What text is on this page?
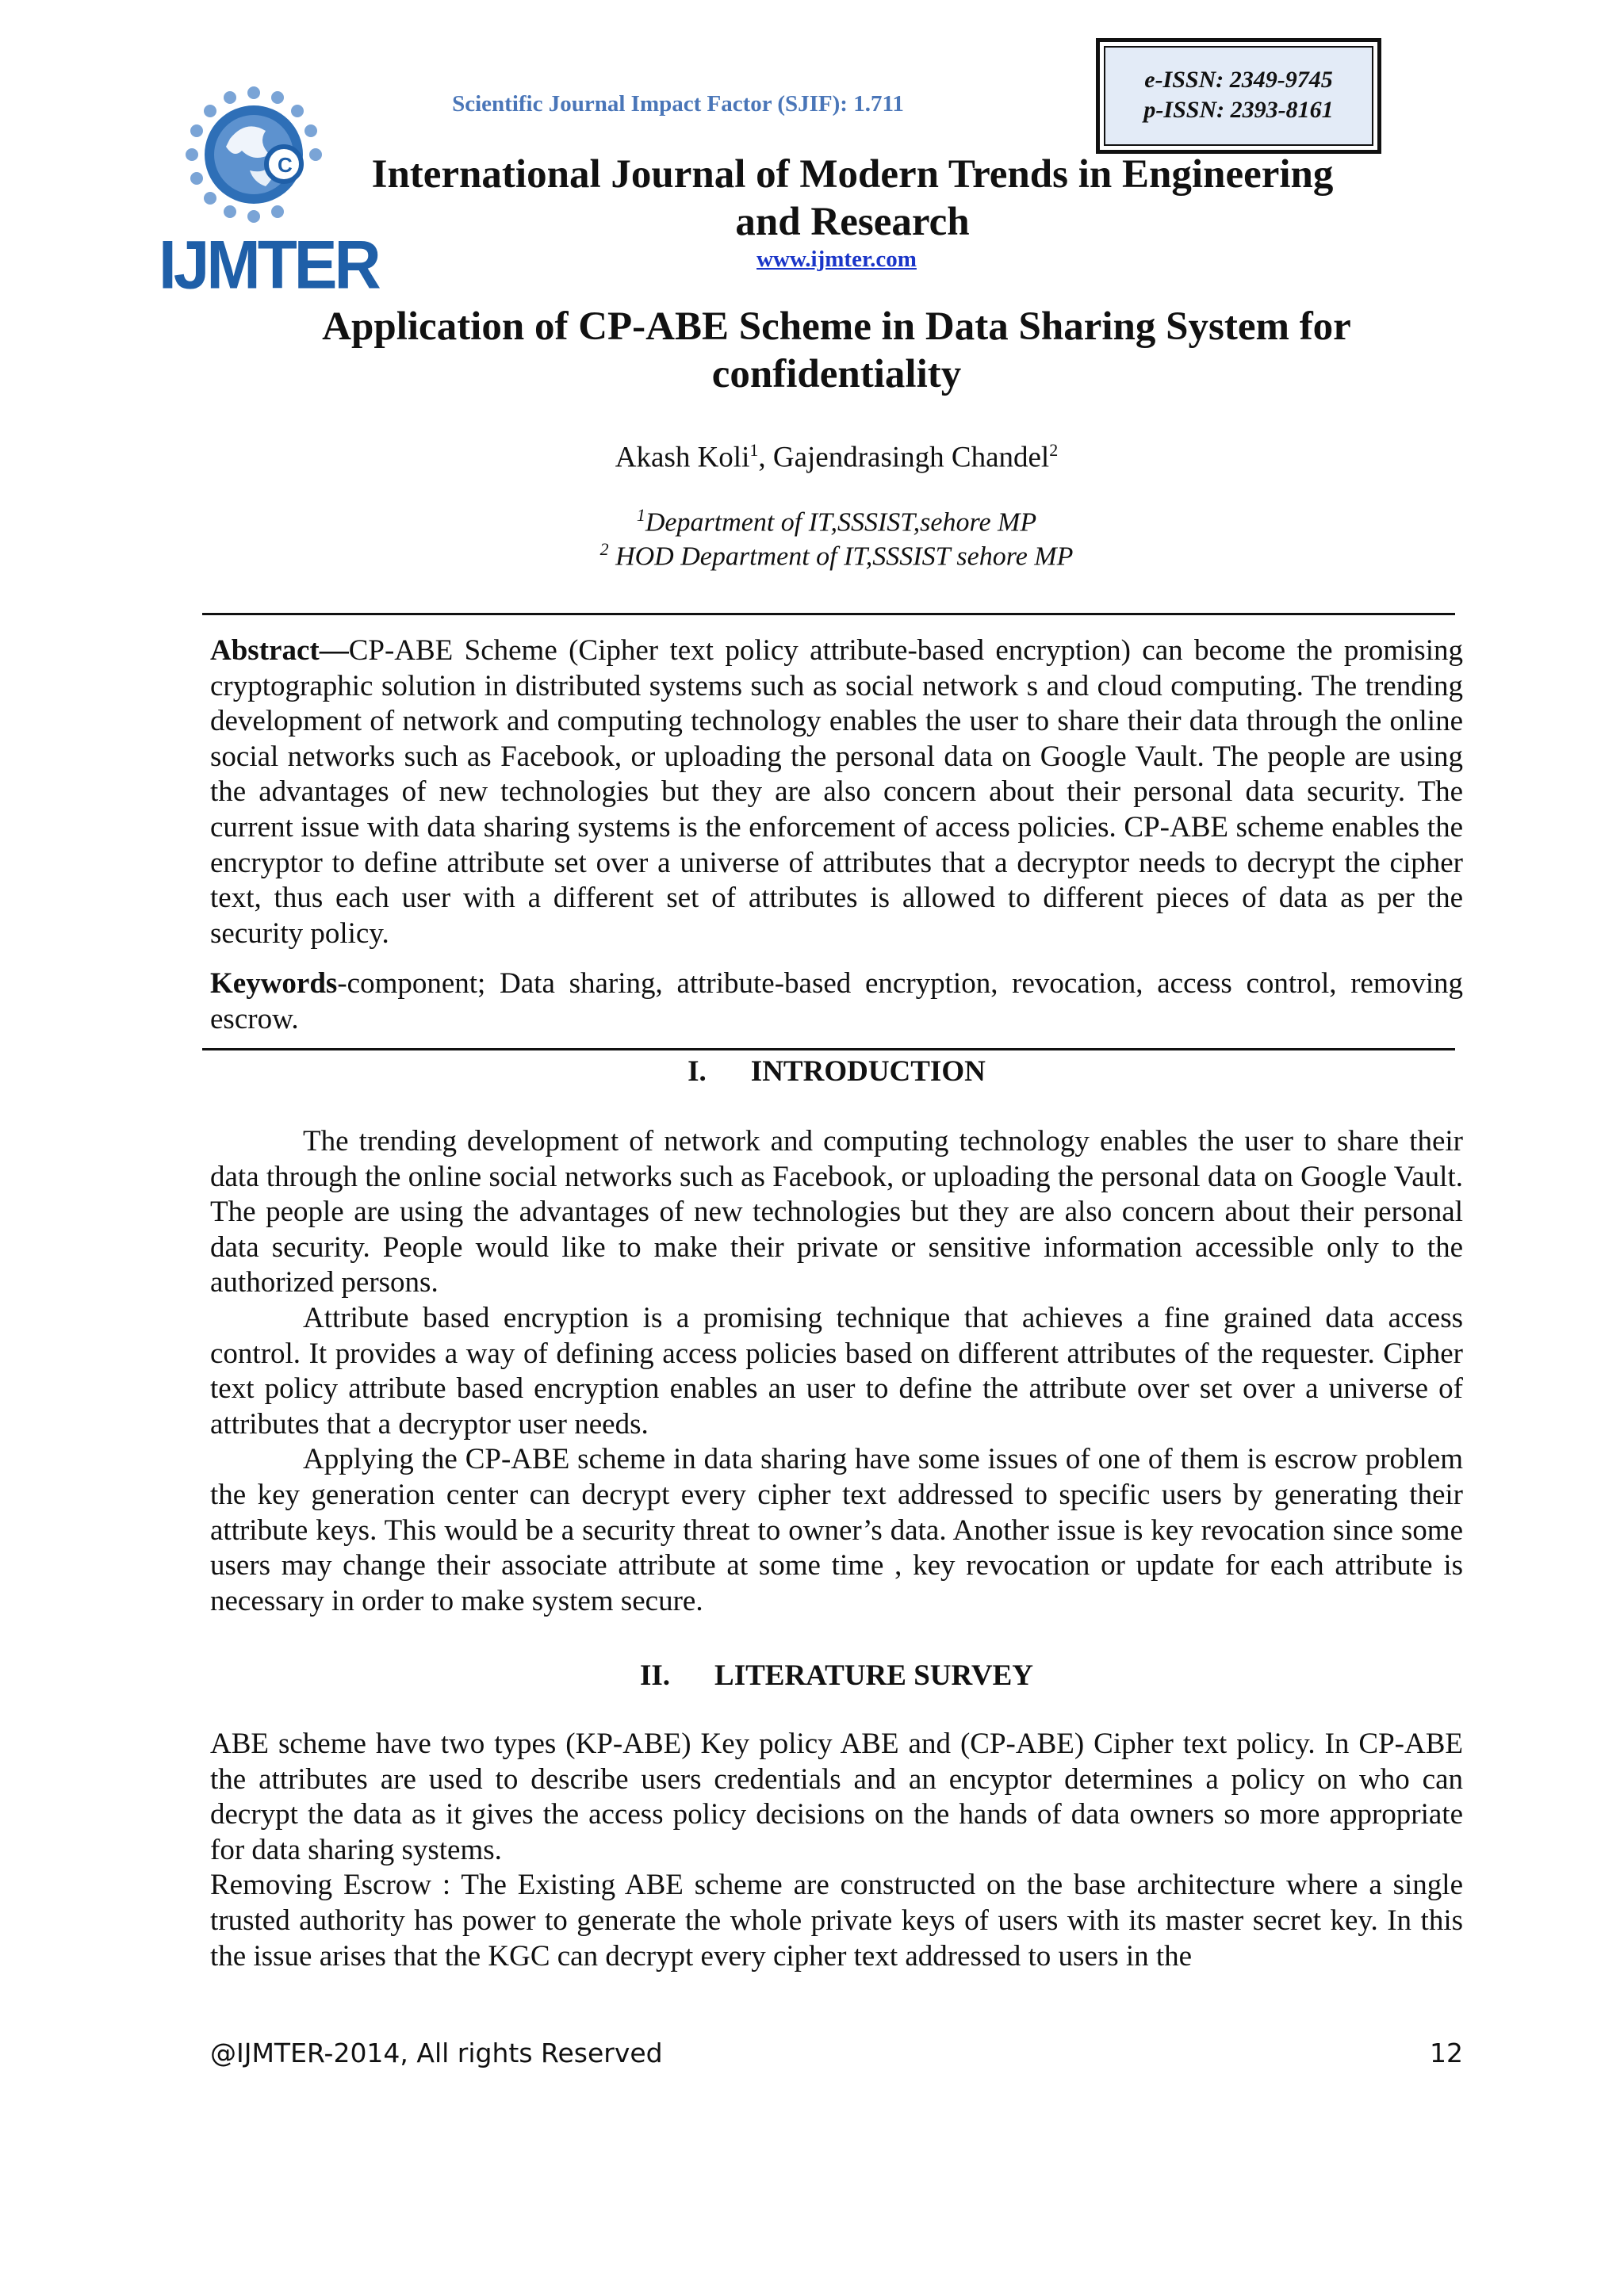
C
IJMTER
Scientific Journal Impact Factor (SJIF): 1.711
e-ISSN: 2349-9745
p-ISSN: 2393-8161
International Journal of Modern Trends in Engineering and Research
www.ijmter.com
Application of CP-ABE Scheme in Data Sharing System for confidentiality
Akash Koli$^1$, Gajendrasingh Chandel$^2$
$^1$Department of IT,SSSIST,sehore MP
$^2$ HOD Department of IT,SSSIST sehore MP
Abstract—CP-ABE Scheme (Cipher text policy attribute-based encryption) can become the promising cryptographic solution in distributed systems such as social network s and cloud computing. The trending development of network and computing technology enables the user to share their data through the online social networks such as Facebook, or uploading the personal data on Google Vault. The people are using the advantages of new technologies but they are also concern about their personal data security. The current issue with data sharing systems is the enforcement of access policies. CP-ABE scheme enables the encryptor to define attribute set over a universe of attributes that a decryptor needs to decrypt the cipher text, thus each user with a different set of attributes is allowed to different pieces of data as per the security policy.
Keywords-component; Data sharing, attribute-based encryption, revocation, access control, removing escrow.
I. INTRODUCTION

The trending development of network and computing technology enables the user to share their data through the online social networks such as Facebook, or uploading the personal data on Google Vault. The people are using the advantages of new technologies but they are also concern about their personal data security. People would like to make their private or sensitive information accessible only to the authorized persons.

Attribute based encryption is a promising technique that achieves a fine grained data access control. It provides a way of defining access policies based on different attributes of the requester. Cipher text policy attribute based encryption enables an user to define the attribute over set over a universe of attributes that a decryptor user needs.

Applying the CP-ABE scheme in data sharing have some issues of one of them is escrow problem the key generation center can decrypt every cipher text addressed to specific users by generating their attribute keys. This would be a security threat to owner’s data. Another issue is key revocation since some users may change their associate attribute at some time , key revocation or update for each attribute is necessary in order to make system secure.

II. LITERATURE SURVEY

ABE scheme have two types (KP-ABE) Key policy ABE and (CP-ABE) Cipher text policy. In CP-ABE the attributes are used to describe users credentials and an encyptor determines a policy on who can decrypt the data as it gives the access policy decisions on the hands of data owners so more appropriate for data sharing systems.

Removing Escrow : The Existing ABE scheme are constructed on the base architecture where a single trusted authority has power to generate the whole private keys of users with its master secret key. In this the issue arises that the KGC can decrypt every cipher text addressed to users in the

@IJMTER-2014, All rights Reserved	12
